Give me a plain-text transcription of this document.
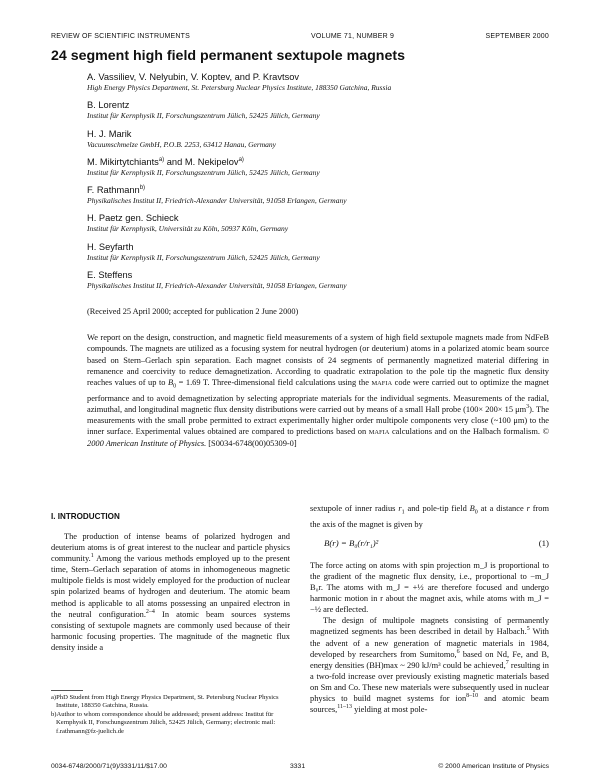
REVIEW OF SCIENTIFIC INSTRUMENTS	VOLUME 71, NUMBER 9	SEPTEMBER 2000
24 segment high field permanent sextupole magnets
A. Vassiliev, V. Nelyubin, V. Koptev, and P. Kravtsov
High Energy Physics Department, St. Petersburg Nuclear Physics Institute, 188350 Gatchina, Russia
B. Lorentz
Institut für Kernphysik II, Forschungszentrum Jülich, 52425 Jülich, Germany
H. J. Marik
Vacuumschmelze GmbH, P.O.B. 2253, 63412 Hanau, Germany
M. Mikirtytchiants$^{a)}$ and M. Nekipelov$^{a)}$
Institut für Kernphysik II, Forschungszentrum Jülich, 52425 Jülich, Germany
F. Rathmann$^{b)}$
Physikalisches Institut II, Friedrich-Alexander Universität, 91058 Erlangen, Germany
H. Paetz gen. Schieck
Institut für Kernphysik, Universität zu Köln, 50937 Köln, Germany
H. Seyfarth
Institut für Kernphysik II, Forschungszentrum Jülich, 52425 Jülich, Germany
E. Steffens
Physikalisches Institut II, Friedrich-Alexander Universität, 91058 Erlangen, Germany
(Received 25 April 2000; accepted for publication 2 June 2000)

We report on the design, construction, and magnetic field measurements of a system of high field sextupole magnets made from NdFeB compounds. The magnets are utilized as a focusing system for neutral hydrogen (or deuterium) atoms in a polarized atomic beam source based on Stern–Gerlach spin separation. Each magnet consists of 24 segments of permanently magnetized material differing in remanence and coercivity to reduce demagnetization. According to quadratic extrapolation to the pole tip the magnetic flux density reaches values of up to $B_0 = 1.69$ T. Three-dimensional field calculations using the MAFIA code were carried out to optimize the magnet performance and to avoid demagnetization by selecting appropriate materials for the individual segments. Measurements of the radial, azimuthal, and longitudinal magnetic flux density distributions were carried out by means of a small Hall probe (100× 200× 15 $\mu m^3$). The measurements with the small probe permitted to extract experimentally higher order multipole components very close (~100 μm) to the inner surface. Experimental values obtained are compared to predictions based on MAFIA calculations and on the Halbach formalism. © 2000 American Institute of Physics. [S0034-6748(00)05309-0]

I. INTRODUCTION

The production of intense beams of polarized hydrogen and deuterium atoms is of great interest to the nuclear and particle physics community.$^1$ Among the various methods employed up to the present time, Stern–Gerlach separation of atoms in inhomogeneous magnetic multipole fields is most widely employed for the production of nuclear spin polarized beams of hydrogen and deuterium. The atomic beam method is applicable to all atoms possessing an unpaired electron in the neutral configuration.$^{2-4}$ In atomic beam sources systems consisting of sextupole magnets are commonly used because of their harmonic focusing properties. The magnitude of the magnetic flux density inside a

sextupole of inner radius $r_1$ and pole-tip field $B_0$ at a distance r from the axis of the magnet is given by

B(r) = B₀(r/r₁)²	(1)

The force acting on atoms with spin projection m_J is proportional to the gradient of the magnetic flux density, i.e., proportional to −m_J B₀r. The atoms with m_J = +½ are therefore focused and undergo harmonic motion in r about the magnet axis, while atoms with m_J = −½ are deflected.

The design of multipole magnets consisting of permanently magnetized segments has been described in detail by Halbach.$^5$ With the advent of a new generation of magnetic materials in 1984, developed by researchers from Sumitomo,$^6$ based on Nd, Fe, and B, energy densities (BH)max ~ 290 kJ/m³ could be achieved,$^7$ resulting in a two-fold increase over previously existing magnetic materials based on Sm and Co. These new materials were subsequently used in nuclear physics to build magnet systems for ion$^{8-10}$ and atomic beam sources,$^{11-13}$ yielding at most pole-

a)PhD Student from High Energy Physics Department, St. Petersburg Nuclear Physics Institute, 188350 Gatchina, Russia.

b)Author to whom correspondence should be addressed; present address: Institut für Kernphysik II, Forschungszentrum Jülich, 52425 Jülich, Germany; electronic mail: f.rathmann@fz-juelich.de

0034-6748/2000/71(9)/3331/11/$17.00	3331	© 2000 American Institute of Physics
